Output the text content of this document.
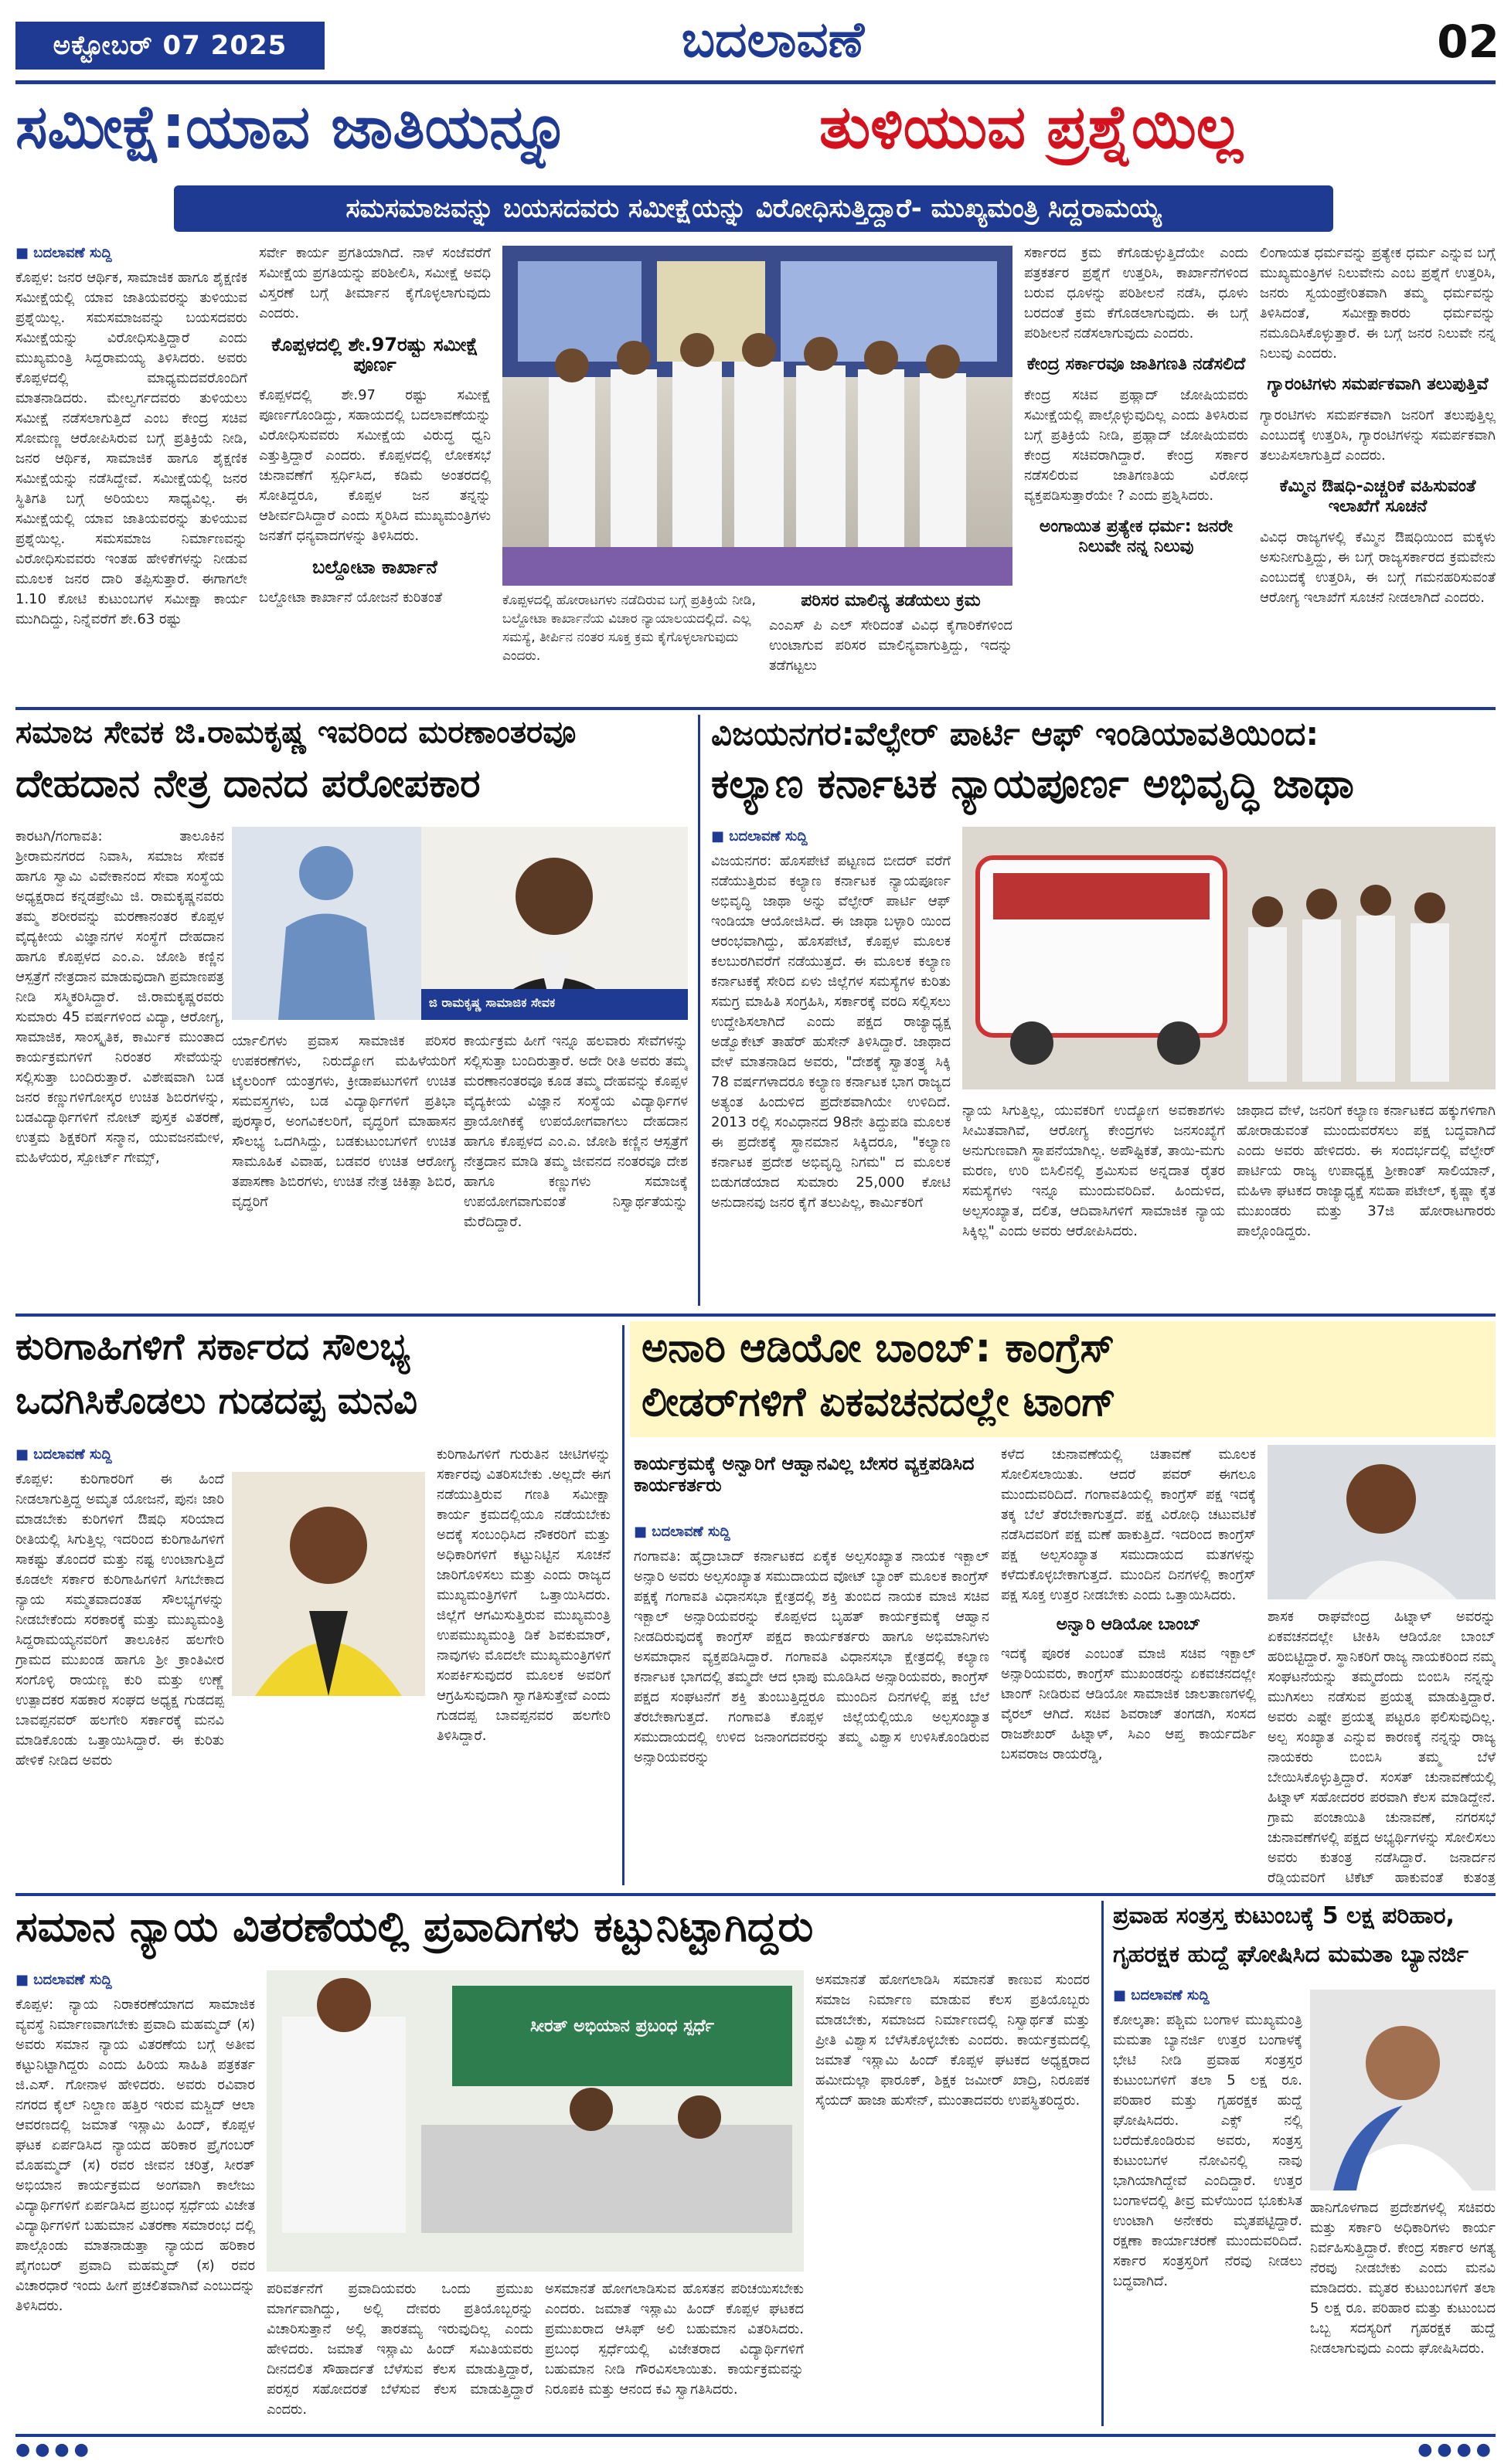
ಅಕ್ಟೋಬರ್ 07 2025	ಬದಲಾವಣೆ	02
ಸಮೀಕ್ಷೆ:ಯಾವ ಜಾತಿಯನ್ನೂ	ತುಳಿಯುವ ಪ್ರಶ್ನೆಯಿಲ್ಲ
ಸಮಸಮಾಜವನ್ನು ಬಯಸದವರು ಸಮೀಕ್ಷೆಯನ್ನು ವಿರೋಧಿಸುತ್ತಿದ್ದಾರೆ- ಮುಖ್ಯಮಂತ್ರಿ ಸಿದ್ದರಾಮಯ್ಯ
■ ಬದಲಾವಣೆ ಸುದ್ದಿ
ಕೊಪ್ಪಳ: ಜನರ ಆರ್ಥಿಕ, ಸಾಮಾಜಿಕ ಹಾಗೂ ಶೈಕ್ಷಣಿಕ ಸಮೀಕ್ಷೆಯಲ್ಲಿ ಯಾವ ಜಾತಿಯವರನ್ನು ತುಳಿಯುವ ಪ್ರಶ್ನೆಯಿಲ್ಲ. ಸಮಸಮಾಜವನ್ನು ಬಯಸದವರು ಸಮೀಕ್ಷೆಯನ್ನು ವಿರೋಧಿಸುತ್ತಿದ್ದಾರೆ ಎಂದು ಮುಖ್ಯಮಂತ್ರಿ ಸಿದ್ದರಾಮಯ್ಯ ತಿಳಿಸಿದರು. ಅವರು ಕೊಪ್ಪಳದಲ್ಲಿ ಮಾಧ್ಯಮದವರೊಂದಿಗೆ ಮಾತನಾಡಿದರು. ಮೇಲ್ವರ್ಗದವರು ತುಳಿಯಲು ಸಮೀಕ್ಷೆ ನಡೆಸಲಾಗುತ್ತಿದೆ ಎಂಬ ಕೇಂದ್ರ ಸಚಿವ ಸೋಮಣ್ಣ ಆರೋಪಿಸಿರುವ ಬಗ್ಗೆ ಪ್ರತಿಕ್ರಿಯೆ ನೀಡಿ, ಜನರ ಆರ್ಥಿಕ, ಸಾಮಾಜಿಕ ಹಾಗೂ ಶೈಕ್ಷಣಿಕ ಸಮೀಕ್ಷೆಯನ್ನು ನಡೆಸಿದ್ದೇವೆ. ಸಮೀಕ್ಷೆಯಲ್ಲಿ ಜನರ ಸ್ಥಿತಿಗತಿ ಬಗ್ಗೆ ಅರಿಯಲು ಸಾಧ್ಯವಿಲ್ಲ. ಈ ಸಮೀಕ್ಷೆಯಲ್ಲಿ ಯಾವ ಜಾತಿಯವರನ್ನು ತುಳಿಯುವ ಪ್ರಶ್ನೆಯಿಲ್ಲ. ಸಮಸಮಾಜ ನಿರ್ಮಾಣವನ್ನು ವಿರೋಧಿಸುವವರು ಇಂತಹ ಹೇಳಿಕೆಗಳನ್ನು ನೀಡುವ ಮೂಲಕ ಜನರ ದಾರಿ ತಪ್ಪಿಸುತ್ತಾರೆ. ಈಗಾಗಲೇ 1.10 ಕೋಟಿ ಕುಟುಂಬಗಳ ಸಮೀಕ್ಷಾ ಕಾರ್ಯ ಮುಗಿದಿದ್ದು, ನಿನ್ನೆವರೆಗೆ ಶೇ.63 ರಷ್ಟು
ಸರ್ವೇ ಕಾರ್ಯ ಪ್ರಗತಿಯಾಗಿದೆ. ನಾಳೆ ಸಂಜೆವರೆಗೆ ಸಮೀಕ್ಷೆಯ ಪ್ರಗತಿಯನ್ನು ಪರಿಶೀಲಿಸಿ, ಸಮೀಕ್ಷೆ ಅವಧಿ ವಿಸ್ತರಣೆ ಬಗ್ಗೆ ತೀರ್ಮಾನ ಕೈಗೊಳ್ಳಲಾಗುವುದು ಎಂದರು.
ಕೊಪ್ಪಳದಲ್ಲಿ ಶೇ.97ರಷ್ಟು ಸಮೀಕ್ಷೆ ಪೂರ್ಣ
ಕೊಪ್ಪಳದಲ್ಲಿ ಶೇ.97 ರಷ್ಟು ಸಮೀಕ್ಷೆ ಪೂರ್ಣಗೊಂಡಿದ್ದು, ಸಹಾಯದಲ್ಲಿ ಬದಲಾವಣೆಯನ್ನು ವಿರೋಧಿಸುವವರು ಸಮೀಕ್ಷೆಯ ವಿರುದ್ಧ ಧ್ವನಿ ಎತ್ತುತ್ತಿದ್ದಾರೆ ಎಂದರು. ಕೊಪ್ಪಳದಲ್ಲಿ ಲೋಕಸಭೆ ಚುನಾವಣೆಗೆ ಸ್ಪರ್ಧಿಸಿದ, ಕಡಿಮೆ ಅಂತರದಲ್ಲಿ ಸೋತಿದ್ದರೂ, ಕೊಪ್ಪಳ ಜನ ತನ್ನನ್ನು ಆಶೀರ್ವದಿಸಿದ್ದಾರೆ ಎಂದು ಸ್ಮರಿಸಿದ ಮುಖ್ಯಮಂತ್ರಿಗಳು ಜನತೆಗೆ ಧನ್ಯವಾದಗಳನ್ನು ತಿಳಿಸಿದರು.
ಬಲ್ದೋಟಾ ಕಾರ್ಖಾನೆ
ಬಲ್ದೋಟಾ ಕಾರ್ಖಾನೆ ಯೋಜನೆ ಕುರಿತಂತೆ	ಕೊಪ್ಪಳದಲ್ಲಿ ಹೋರಾಟಗಳು ನಡೆದಿರುವ ಬಗ್ಗೆ ಪ್ರತಿಕ್ರಿಯೆ ನೀಡಿ, ಬಲ್ದೋಟಾ ಕಾರ್ಖಾನೆಯ ವಿಚಾರ ನ್ಯಾಯಾಲಯದಲ್ಲಿದೆ. ಎಲ್ಲ ಸಮಸ್ಯೆ, ತೀರ್ಪಿನ ನಂತರ ಸೂಕ್ತ ಕ್ರಮ ಕೈಗೊಳ್ಳಲಾಗುವುದು ಎಂದರು.
ಪರಿಸರ ಮಾಲಿನ್ಯ ತಡೆಯಲು ಕ್ರಮ
ಎಂಎಸ್ ಪಿ ಎಲ್ ಸೇರಿದಂತೆ ವಿವಿಧ ಕೈಗಾರಿಕೆಗಳಿಂದ ಉಂಟಾಗುವ ಪರಿಸರ ಮಾಲಿನ್ಯವಾಗುತ್ತಿದ್ದು, ಇದನ್ನು ತಡೆಗಟ್ಟಲು
ಸರ್ಕಾರದ ಕ್ರಮ ಕೆಗೊಡುಳ್ಳುತ್ತಿದೆಯೇ ಎಂದು ಪತ್ರಕರ್ತರ ಪ್ರಶ್ನೆಗೆ ಉತ್ತರಿಸಿ, ಕಾರ್ಖಾನೆಗಳಿಂದ ಬರುವ ಧೂಳನ್ನು ಪರಿಶೀಲನೆ ನಡೆಸಿ, ಧೂಳು ಬರದಂತೆ ಕ್ರಮ ಕೆಗೊಡಲಾಗುವುದು. ಈ ಬಗ್ಗೆ ಪರಿಶೀಲನೆ ನಡೆಸಲಾಗುವುದು ಎಂದರು.
ಕೇಂದ್ರ ಸರ್ಕಾರವೂ ಜಾತಿಗಣತಿ ನಡೆಸಲಿದೆ
ಕೇಂದ್ರ ಸಚಿವ ಪ್ರಹ್ಲಾದ್ ಜೋಷಿಯವರು ಸಮೀಕ್ಷೆಯಲ್ಲಿ ಪಾಲ್ಗೊಳ್ಳುವುದಿಲ್ಲ ಎಂದು ತಿಳಿಸಿರುವ ಬಗ್ಗೆ ಪ್ರತಿಕ್ರಿಯೆ ನೀಡಿ, ಪ್ರಹ್ಲಾದ್ ಜೋಷಿಯವರು ಕೇಂದ್ರ ಸಚಿವರಾಗಿದ್ದಾರೆ. ಕೇಂದ್ರ ಸರ್ಕಾರ ನಡೆಸಲಿರುವ ಜಾತಿಗಣತಿಯ ವಿರೋಧ ವ್ಯಕ್ತಪಡಿಸುತ್ತಾರೆಯೇ ? ಎಂದು ಪ್ರಶ್ನಿಸಿದರು.
ಅಂಗಾಯಿತ ಪ್ರತ್ಯೇಕ ಧರ್ಮ: ಜನರೇ ನಿಲುವೇ ನನ್ನ ನಿಲುವು
ಲಿಂಗಾಯತ ಧರ್ಮವನ್ನು ಪ್ರತ್ಯೇಕ ಧರ್ಮ ಎನ್ನುವ ಬಗ್ಗೆ ಮುಖ್ಯಮಂತ್ರಿಗಳ ನಿಲುವೇನು ಎಂಬ ಪ್ರಶ್ನೆಗೆ ಉತ್ತರಿಸಿ, ಜನರು ಸ್ವಯಂಪ್ರೇರಿತವಾಗಿ ತಮ್ಮ ಧರ್ಮವನ್ನು ತಿಳಿಸಿದಂತೆ, ಸಮೀಕ್ಷಾಕಾರರು ಧರ್ಮವನ್ನು ನಮೂದಿಸಿಕೊಳ್ಳುತ್ತಾರೆ. ಈ ಬಗ್ಗೆ ಜನರ ನಿಲುವೇ ನನ್ನ ನಿಲುವು ಎಂದರು.
ಗ್ಯಾರಂಟಿಗಳು ಸಮರ್ಪಕವಾಗಿ ತಲುಪುತ್ತಿವೆ
ಗ್ಯಾರಂಟಿಗಳು ಸಮರ್ಪಕವಾಗಿ ಜನರಿಗೆ ತಲುಪುತ್ತಿಲ್ಲ ಎಂಬುದಕ್ಕೆ ಉತ್ತರಿಸಿ, ಗ್ಯಾರಂಟಿಗಳನ್ನು ಸಮರ್ಪಕವಾಗಿ ತಲುಪಿಸಲಾಗುತ್ತಿದೆ ಎಂದರು.
ಕೆಮ್ಮಿನ ಔಷಧಿ-ಎಚ್ಚರಿಕೆ ವಹಿಸುವಂತೆ ಇಲಾಖೆಗೆ ಸೂಚನೆ
ವಿವಿಧ ರಾಜ್ಯಗಳಲ್ಲಿ ಕೆಮ್ಮಿನ ಔಷಧಿಯಿಂದ ಮಕ್ಕಳು ಅಸುನೀಗುತ್ತಿದ್ದು, ಈ ಬಗ್ಗೆ ರಾಜ್ಯಸರ್ಕಾರದ ಕ್ರಮವೇನು ಎಂಬುದಕ್ಕೆ ಉತ್ತರಿಸಿ, ಈ ಬಗ್ಗೆ ಗಮನಹರಿಸುವಂತೆ ಆರೋಗ್ಯ ಇಲಾಖೆಗೆ ಸೂಚನೆ ನೀಡಲಾಗಿದೆ ಎಂದರು.
ಸಮಾಜ ಸೇವಕ ಜಿ.ರಾಮಕೃಷ್ಣ ಇವರಿಂದ ಮರಣಾಂತರವೂ
ದೇಹದಾನ ನೇತ್ರ ದಾನದ ಪರೋಪಕಾರ
ಕಾರಟಗಿ/ಗಂಗಾವತಿ: ತಾಲೂಕಿನ ಶ್ರೀರಾಮನಗರದ ನಿವಾಸಿ, ಸಮಾಜ ಸೇವಕ ಹಾಗೂ ಸ್ವಾಮಿ ವಿವೇಕಾನಂದ ಸೇವಾ ಸಂಸ್ಥೆಯ ಅಧ್ಯಕ್ಷರಾದ ಕನ್ನಡಪ್ರೇಮಿ ಜಿ. ರಾಮಕೃಷ್ಣನವರು ತಮ್ಮ ಶರೀರವನ್ನು ಮರಣಾನಂತರ ಕೊಪ್ಪಳ ವೈದ್ಯಕೀಯ ವಿಜ್ಞಾನಗಳ ಸಂಸ್ಥೆಗೆ ದೇಹದಾನ ಹಾಗೂ ಕೊಪ್ಪಳದ ಎಂ.ಎ. ಜೋಶಿ ಕಣ್ಣಿನ ಆಸ್ಪತ್ರೆಗೆ ನೇತ್ರದಾನ ಮಾಡುವುದಾಗಿ ಪ್ರಮಾಣಪತ್ರ ನೀಡಿ ಸಸ್ಮಿಕರಿಸಿದ್ದಾರೆ. ಜಿ.ರಾಮಕೃಷ್ಣರವರು ಸುಮಾರು 45 ವರ್ಷಗಳಿಂದ ವಿದ್ಯಾ, ಆರೋಗ್ಯ, ಸಾಮಾಜಿಕ, ಸಾಂಸ್ಕೃತಿಕ, ಕಾರ್ಮಿಕ ಮುಂತಾದ ಕಾರ್ಯಕ್ರಮಗಳಿಗೆ ನಿರಂತರ ಸೇವೆಯನ್ನು ಸಲ್ಲಿಸುತ್ತಾ ಬಂದಿರುತ್ತಾರೆ. ವಿಶೇಷವಾಗಿ ಬಡ ಜನರ ಕಣ್ಣುಗಳಿಗೋಸ್ಕರ ಉಚಿತ ಶಿಬಿರಗಳನ್ನು, ಬಡವಿದ್ಯಾರ್ಥಿಗಳಿಗೆ ನೋಟ್ ಪುಸ್ತಕ ವಿತರಣೆ, ಉತ್ತಮ ಶಿಕ್ಷಕರಿಗೆ ಸನ್ಮಾನ, ಯುವಜನಮೇಳ, ಮಹಿಳೆಯರ, ಸ್ಪೋರ್ಟ್ ಗೇಮ್ಸ್,
ಜಿ ರಾಮಕೃಷ್ಣ ಸಾಮಾಜಿಕ ಸೇವಕ
ರ್ಯಾಲಿಗಳು ಪ್ರವಾಸ ಸಾಮಾಜಿಕ ಪರಿಸರ ಉಪಕರಣೆಗಳು, ನಿರುದ್ಯೋಗ ಮಹಿಳೆಯರಿಗೆ ಟೈಲರಿಂಗ್ ಯಂತ್ರಗಳು, ಕ್ರೀಡಾಪಟುಗಳಿಗೆ ಉಚಿತ ಸಮವಸ್ತ್ರಗಳು, ಬಡ ವಿದ್ಯಾರ್ಥಿಗಳಿಗೆ ಪ್ರತಿಭಾ ಪುರಸ್ಕಾರ, ಅಂಗವಿಕಲರಿಗೆ, ವೃದ್ಧರಿಗೆ ಮಾಹಾಸನ ಸೌಲಭ್ಯ ಒದಗಿಸಿದ್ದು, ಬಡಕುಟುಂಬಗಳಿಗೆ ಉಚಿತ ಸಾಮೂಹಿಕ ವಿವಾಹ, ಬಡವರ ಉಚಿತ ಆರೋಗ್ಯ ತಪಾಸಣಾ ಶಿಬಿರಗಳು, ಉಚಿತ ನೇತ್ರ ಚಿಕಿತ್ಸಾ ಶಿಬಿರ, ವೃದ್ಧರಿಗೆ
ಕಾರ್ಯಕ್ರಮ ಹೀಗೆ ಇನ್ನೂ ಹಲವಾರು ಸೇವೆಗಳನ್ನು ಸಲ್ಲಿಸುತ್ತಾ ಬಂದಿರುತ್ತಾರೆ. ಅದೇ ರೀತಿ ಅವರು ತಮ್ಮ ಮರಣಾನಂತರವೂ ಕೂಡ ತಮ್ಮ ದೇಹವನ್ನು ಕೊಪ್ಪಳ ವೈದ್ಯಕೀಯ ವಿಜ್ಞಾನ ಸಂಸ್ಥೆಯ ವಿದ್ಯಾರ್ಥಿಗಳ ಪ್ರಾಯೋಗಿಕಕ್ಕೆ ಉಪಯೋಗವಾಗಲು ದೇಹದಾನ ಹಾಗೂ ಕೊಪ್ಪಳದ ಎಂ.ಎ. ಜೋಶಿ ಕಣ್ಣಿನ ಆಸ್ಪತ್ರೆಗೆ ನೇತ್ರದಾನ ಮಾಡಿ ತಮ್ಮ ಜೀವನದ ನಂತರವೂ ದೇಶ ಹಾಗೂ ಕಣ್ಣುಗಳು ಸಮಾಜಕ್ಕೆ ಉಪಯೋಗವಾಗುವಂತೆ ನಿಸ್ವಾರ್ಥತೆಯನ್ನು ಮೆರೆದಿದ್ದಾರೆ.
ವಿಜಯನಗರ:ವೆಲ್ಫೇರ್ ಪಾರ್ಟಿ ಆಫ್ ಇಂಡಿಯಾವತಿಯಿಂದ:
ಕಲ್ಯಾಣ ಕರ್ನಾಟಕ ನ್ಯಾಯಪೂರ್ಣ ಅಭಿವೃದ್ಧಿ ಜಾಥಾ
■ ಬದಲಾವಣೆ ಸುದ್ದಿ
ವಿಜಯನಗರ: ಹೊಸಪೇಟೆ ಪಟ್ಟಣದ ಬೀದರ್ ವರೆಗೆ ನಡೆಯುತ್ತಿರುವ ಕಲ್ಯಾಣ ಕರ್ನಾಟಕ ನ್ಯಾಯಪೂರ್ಣ ಅಭಿವೃದ್ಧಿ ಜಾಥಾ ಅನ್ನು ವೆಲ್ಫೇರ್ ಪಾರ್ಟಿ ಆಫ್ ಇಂಡಿಯಾ ಆಯೋಜಿಸಿದೆ. ಈ ಜಾಥಾ ಬಳ್ಳಾರಿ ಯಿಂದ ಆರಂಭವಾಗಿದ್ದು, ಹೊಸಪೇಟೆ, ಕೊಪ್ಪಳ ಮೂಲಕ ಕಲಬುರಗಿವರೆಗೆ ನಡೆಯುತ್ತದೆ. ಈ ಮೂಲಕ ಕಲ್ಯಾಣ ಕರ್ನಾಟಕಕ್ಕೆ ಸೇರಿದ ಏಳು ಜಿಲ್ಲೆಗಳ ಸಮಸ್ಯೆಗಳ ಕುರಿತು ಸಮಗ್ರ ಮಾಹಿತಿ ಸಂಗ್ರಹಿಸಿ, ಸರ್ಕಾರಕ್ಕೆ ವರದಿ ಸಲ್ಲಿಸಲು ಉದ್ದೇಶಿಸಲಾಗಿದೆ ಎಂದು ಪಕ್ಷದ ರಾಜ್ಯಾಧ್ಯಕ್ಷ ಅಡ್ವೊಕೇಟ್ ತಾಹೆರ್ ಹುಸೇನ್ ತಿಳಿಸಿದ್ದಾರೆ. ಜಾಥಾದ ವೇಳೆ ಮಾತನಾಡಿದ ಅವರು, "ದೇಶಕ್ಕೆ ಸ್ವಾತಂತ್ರ್ಯ ಸಿಕ್ಕಿ 78 ವರ್ಷಗಳಾದರೂ ಕಲ್ಯಾಣ ಕರ್ನಾಟಕ ಭಾಗ ರಾಜ್ಯದ ಅತ್ಯಂತ ಹಿಂದುಳಿದ ಪ್ರದೇಶವಾಗಿಯೇ ಉಳಿದಿದೆ. 2013 ರಲ್ಲಿ ಸಂವಿಧಾನದ 98ನೇ ತಿದ್ದುಪಡಿ ಮೂಲಕ ಈ ಪ್ರದೇಶಕ್ಕೆ ಸ್ಥಾನಮಾನ ಸಿಕ್ಕಿದರೂ, "ಕಲ್ಯಾಣ ಕರ್ನಾಟಕ ಪ್ರದೇಶ ಅಭಿವೃದ್ಧಿ ನಿಗಮ" ದ ಮೂಲಕ ಬಿಡುಗಡೆಯಾದ ಸುಮಾರು 25,000 ಕೋಟಿ ಅನುದಾನವು ಜನರ ಕೈಗೆ ತಲುಪಿಲ್ಲ, ಕಾರ್ಮಿಕರಿಗೆ
ನ್ಯಾಯ ಸಿಗುತ್ತಿಲ್ಲ, ಯುವಕರಿಗೆ ಉದ್ಯೋಗ ಅವಕಾಶಗಳು ಸೀಮಿತವಾಗಿವೆ, ಆರೋಗ್ಯ ಕೇಂದ್ರಗಳು ಜನಸಂಖ್ಯೆಗೆ ಅನುಗುಣವಾಗಿ ಸ್ಥಾಪನೆಯಾಗಿಲ್ಲ. ಅಪೌಷ್ಟಿಕತೆ, ತಾಯಿ-ಮಗು ಮರಣ, ಉರಿ ಬಿಸಿಲಿನಲ್ಲಿ ಶ್ರಮಿಸುವ ಅನ್ನದಾತ ರೈತರ ಸಮಸ್ಯೆಗಳು ಇನ್ನೂ ಮುಂದುವರಿದಿವೆ. ಹಿಂದುಳಿದ, ಅಲ್ಪಸಂಖ್ಯಾತ, ದಲಿತ, ಆದಿವಾಸಿಗಳಿಗೆ ಸಾಮಾಜಿಕ ನ್ಯಾಯ ಸಿಕ್ಕಿಲ್ಲ" ಎಂದು ಅವರು ಆರೋಪಿಸಿದರು.
ಜಾಥಾದ ವೇಳೆ, ಜನರಿಗೆ ಕಲ್ಯಾಣ ಕರ್ನಾಟಕದ ಹಕ್ಕುಗಳಿಗಾಗಿ ಹೋರಾಡುವಂತೆ ಮುಂದುವರೆಸಲು ಪಕ್ಷ ಬದ್ಧವಾಗಿದೆ ಎಂದು ಅವರು ಹೇಳಿದರು. ಈ ಸಂದರ್ಭದಲ್ಲಿ ವೆಲ್ಫೇರ್ ಪಾರ್ಟಿಯ ರಾಜ್ಯ ಉಪಾಧ್ಯಕ್ಷ ಶ್ರೀಕಾಂತ್ ಸಾಲಿಯಾನ್, ಮಹಿಳಾ ಘಟಕದ ರಾಜ್ಯಾಧ್ಯಕ್ಷೆ ಸಬಿಹಾ ಪಟೇಲ್, ಕೃಷ್ಣಾ ಕೈತ ಮುಖಂಡರು ಮತ್ತು 37ಜಿ ಹೋರಾಟಗಾರರು ಪಾಲ್ಗೊಂಡಿದ್ದರು.
ಕುರಿಗಾಹಿಗಳಿಗೆ ಸರ್ಕಾರದ ಸೌಲಭ್ಯ
ಒದಗಿಸಿಕೊಡಲು ಗುಡದಪ್ಪ ಮನವಿ
■ ಬದಲಾವಣೆ ಸುದ್ದಿ
ಕೊಪ್ಪಳ: ಕುರಿಗಾರರಿಗೆ ಈ ಹಿಂದೆ ನೀಡಲಾಗುತ್ತಿದ್ದ ಅಮೃತ ಯೋಜನೆ, ಪುನಃ ಜಾರಿ ಮಾಡಬೇಕು ಕುರಿಗಳಿಗೆ ಔಷಧಿ ಸರಿಯಾದ ರೀತಿಯಲ್ಲಿ ಸಿಗುತ್ತಿಲ್ಲ ಇದರಿಂದ ಕುರಿಗಾಹಿಗಳಿಗೆ ಸಾಕಷ್ಟು ತೊಂದರೆ ಮತ್ತು ನಷ್ಟ ಉಂಟಾಗುತ್ತಿದೆ ಕೂಡಲೇ ಸರ್ಕಾರ ಕುರಿಗಾಹಿಗಳಿಗೆ ಸಿಗಬೇಕಾದ ನ್ಯಾಯ ಸಮ್ಮತವಾದಂತಹ ಸೌಲಭ್ಯಗಳನ್ನು ನೀಡಬೇಕೆಂದು ಸರಕಾರಕ್ಕೆ ಮತ್ತು ಮುಖ್ಯಮಂತ್ರಿ ಸಿದ್ದರಾಮಯ್ಯನವರಿಗೆ ತಾಲೂಕಿನ ಹಲಗೇರಿ ಗ್ರಾಮದ ಮುಖಂಡ ಹಾಗೂ ಶ್ರೀ ಕ್ರಾಂತಿವೀರ ಸಂಗೊಳ್ಳಿ ರಾಯಣ್ಣ ಕುರಿ ಮತ್ತು ಉಣ್ಣೆ ಉತ್ಪಾದಕರ ಸಹಕಾರ ಸಂಘದ ಅಧ್ಯಕ್ಷ ಗುಡದಪ್ಪ ಬಾವಪ್ಪನವರ್ ಹಲಗೇರಿ ಸರ್ಕಾರಕ್ಕೆ ಮನವಿ ಮಾಡಿಕೊಂಡು ಒತ್ತಾಯಿಸಿದ್ದಾರೆ. ಈ ಕುರಿತು ಹೇಳಿಕೆ ನೀಡಿದ ಅವರು
ಕುರಿಗಾಹಿಗಳಿಗೆ ಗುರುತಿನ ಚೀಟಿಗಳನ್ನು ಸರ್ಕಾರವು ವಿತರಿಸಬೇಕು .ಅಲ್ಲದೇ ಈಗ ನಡೆಯುತ್ತಿರುವ ಗಣತಿ ಸಮೀಕ್ಷಾ ಕಾರ್ಯ ಕ್ರಮದಲ್ಲಿಯೂ ನಡೆಯಬೇಕು ಅದಕ್ಕೆ ಸಂಬಂಧಿಸಿದ ನೌಕರರಿಗೆ ಮತ್ತು ಅಧಿಕಾರಿಗಳಿಗೆ ಕಟ್ಟುನಿಟ್ಟಿನ ಸೂಚನೆ ಜಾರಿಗೊಳಿಸಲು ಮತ್ತು ಎಂದು ರಾಜ್ಯದ ಮುಖ್ಯಮಂತ್ರಿಗಳಿಗೆ ಒತ್ತಾಯಿಸಿದರು. ಜಿಲ್ಲೆಗೆ ಆಗಮಿಸುತ್ತಿರುವ ಮುಖ್ಯಮಂತ್ರಿ ಉಪಮುಖ್ಯಮಂತ್ರಿ ಡಿಕೆ ಶಿವಕುಮಾರ್, ನಾವುಗಳು ಮೊದಲೇ ಮುಖ್ಯಮಂತ್ರಿಗಳಿಗೆ ಸಂಪರ್ಕಿಸುವುದರ ಮೂಲಕ ಅವರಿಗೆ ಆಗ್ರಹಿಸುವುದಾಗಿ ಸ್ವಾಗತಿಸುತ್ತೇವೆ ಎಂದು ಗುಡದಪ್ಪ ಬಾವಪ್ಪನವರ ಹಲಗೇರಿ ತಿಳಿಸಿದ್ದಾರೆ.
ಅನಾರಿ ಆಡಿಯೋ ಬಾಂಬ್: ಕಾಂಗ್ರೆಸ್
ಲೀಡರ್‌ಗಳಿಗೆ ಏಕವಚನದಲ್ಲೇ ಟಾಂಗ್
ಕಾರ್ಯಕ್ರಮಕ್ಕೆ ಅನ್ವಾರಿಗೆ ಆಹ್ವಾನವಿಲ್ಲ ಬೇಸರ ವ್ಯಕ್ತಪಡಿಸಿದ ಕಾರ್ಯಕರ್ತರು
■ ಬದಲಾವಣೆ ಸುದ್ದಿ
ಗಂಗಾವತಿ: ಹೈದ್ರಾಬಾದ್ ಕರ್ನಾಟಕದ ಏಕೈಕ ಅಲ್ಪಸಂಖ್ಯಾತ ನಾಯಕ ಇಕ್ಬಾಲ್ ಅನ್ಸಾರಿ ಅವರು ಅಲ್ಪಸಂಖ್ಯಾತ ಸಮುದಾಯದ ವೋಟ್ ಬ್ಯಾಂಕ್ ಮೂಲಕ ಕಾಂಗ್ರೆಸ್ ಪಕ್ಷಕ್ಕೆ ಗಂಗಾವತಿ ವಿಧಾನಸಭಾ ಕ್ಷೇತ್ರದಲ್ಲಿ ಶಕ್ತಿ ತುಂಬಿದ ನಾಯಕ ಮಾಜಿ ಸಚಿವ ಇಕ್ಬಾಲ್ ಅನ್ಸಾರಿಯವರನ್ನು ಕೊಪ್ಪಳದ ಬೃಹತ್ ಕಾರ್ಯಕ್ರಮಕ್ಕೆ ಆಹ್ವಾನ ನೀಡದಿರುವುದಕ್ಕೆ ಕಾಂಗ್ರೆಸ್ ಪಕ್ಷದ ಕಾರ್ಯಕರ್ತರು ಹಾಗೂ ಅಭಿಮಾನಿಗಳು ಅಸಮಾಧಾನ ವ್ಯಕ್ತಪಡಿಸಿದ್ದಾರೆ. ಗಂಗಾವತಿ ವಿಧಾನಸಭಾ ಕ್ಷೇತ್ರದಲ್ಲಿ ಕಲ್ಯಾಣ ಕರ್ನಾಟಕ ಭಾಗದಲ್ಲಿ ತಮ್ಮದೇ ಆದ ಛಾಪು ಮೂಡಿಸಿದ ಅನ್ಸಾರಿಯವರು, ಕಾಂಗ್ರೆಸ್ ಪಕ್ಷದ ಸಂಘಟನೆಗೆ ಶಕ್ತಿ ತುಂಬುತ್ತಿದ್ದರೂ ಮುಂದಿನ ದಿನಗಳಲ್ಲಿ ಪಕ್ಷ ಬೆಲೆ ತೆರಬೇಕಾಗುತ್ತದೆ. ಗಂಗಾವತಿ ಕೊಪ್ಪಳ ಜಿಲ್ಲೆಯಲ್ಲಿಯೂ ಅಲ್ಪಸಂಖ್ಯಾತ ಸಮುದಾಯದಲ್ಲಿ ಉಳಿದ ಜನಾಂಗದವರನ್ನು ತಮ್ಮ ವಿಶ್ವಾಸ ಉಳಿಸಿಕೊಂಡಿರುವ ಅನ್ಸಾರಿಯವರನ್ನು
ಕಳೆದ ಚುನಾವಣೆಯಲ್ಲಿ ಚಿತಾವಣೆ ಮೂಲಕ ಸೋಲಿಸಲಾಯಿತು. ಆದರೆ ಪವರ್ ಈಗಲೂ ಮುಂದುವರಿದಿದೆ. ಗಂಗಾವತಿಯಲ್ಲಿ ಕಾಂಗ್ರೆಸ್ ಪಕ್ಷ ಇದಕ್ಕೆ ತಕ್ಕ ಬೆಲೆ ತೆರಬೇಕಾಗುತ್ತದೆ. ಪಕ್ಷ ವಿರೋಧಿ ಚಟುವಟಿಕೆ ನಡೆಸಿದವರಿಗೆ ಪಕ್ಷ ಮಣೆ ಹಾಕುತ್ತಿದೆ. ಇದರಿಂದ ಕಾಂಗ್ರೆಸ್ ಪಕ್ಷ ಅಲ್ಪಸಂಖ್ಯಾತ ಸಮುದಾಯದ ಮತಗಳನ್ನು ಕಳೆದುಕೊಳ್ಳಬೇಕಾಗುತ್ತದೆ. ಮುಂದಿನ ದಿನಗಳಲ್ಲಿ ಕಾಂಗ್ರೆಸ್ ಪಕ್ಷ ಸೂಕ್ತ ಉತ್ತರ ನೀಡಬೇಕು ಎಂದು ಒತ್ತಾಯಿಸಿದರು.
ಅನ್ವಾರಿ ಆಡಿಯೋ ಬಾಂಬ್
ಇದಕ್ಕೆ ಪೂರಕ ಎಂಬಂತೆ ಮಾಜಿ ಸಚಿವ ಇಕ್ಬಾಲ್ ಅನ್ಸಾರಿಯವರು, ಕಾಂಗ್ರೆಸ್ ಮುಖಂಡರನ್ನು ಏಕವಚನದಲ್ಲೇ ಟಾಂಗ್ ನೀಡಿರುವ ಆಡಿಯೋ ಸಾಮಾಜಿಕ ಜಾಲತಾಣಗಳಲ್ಲಿ ವೈರಲ್ ಆಗಿದೆ. ಸಚಿವ ಶಿವರಾಜ್ ತಂಗಡಗಿ, ಸಂಸದ ರಾಜಶೇಖರ್ ಹಿಟ್ನಾಳ್, ಸಿಎಂ ಆಪ್ತ ಕಾರ್ಯದರ್ಶಿ ಬಸವರಾಜ ರಾಯರೆಡ್ಡಿ,
ಶಾಸಕ ರಾಘವೇಂದ್ರ ಹಿಟ್ನಾಳ್ ಅವರನ್ನು ಏಕವಚನದಲ್ಲೇ ಟೀಕಿಸಿ ಆಡಿಯೋ ಬಾಂಬ್ ಹರಿಬಿಟ್ಟಿದ್ದಾರೆ. ಸ್ಥಾನಿಕರಿಗೆ ರಾಜ್ಯ ನಾಯಕರಿಂದ ನಮ್ಮ ಸಂಘಟನೆಯನ್ನು ತಮ್ಮದೆಂದು ಬಿಂಬಿಸಿ ನನ್ನನ್ನು ಮುಗಿಸಲು ನಡೆಸುವ ಪ್ರಯತ್ನ ಮಾಡುತ್ತಿದ್ದಾರೆ. ಅವರು ಎಷ್ಟೇ ಪ್ರಯತ್ನ ಪಟ್ಟರೂ ಫಲಿಸುವುದಿಲ್ಲ. ಅಲ್ಪ ಸಂಖ್ಯಾತ ಎನ್ನುವ ಕಾರಣಕ್ಕೆ ನನ್ನನ್ನು ರಾಜ್ಯ ನಾಯಕರು ಬಿಂಬಿಸಿ ತಮ್ಮ ಬೆಳೆ ಬೇಯಿಸಿಕೊಳ್ಳುತ್ತಿದ್ದಾರೆ. ಸಂಸತ್ ಚುನಾವಣೆಯಲ್ಲಿ ಹಿಟ್ನಾಳ್ ಸಹೋದರರ ಪರವಾಗಿ ಕೆಲಸ ಮಾಡಿದ್ದೇನೆ. ಗ್ರಾಮ ಪಂಚಾಯಿತಿ ಚುನಾವಣೆ, ನಗರಸಭೆ ಚುನಾವಣೆಗಳಲ್ಲಿ ಪಕ್ಷದ ಅಭ್ಯರ್ಥಿಗಳನ್ನು ಸೋಲಿಸಲು ಅವರು ಕುತಂತ್ರ ನಡೆಸಿದ್ದಾರೆ. ಜನಾರ್ದನ ರೆಡ್ಡಿಯವರಿಗೆ ಟಿಕೆಟ್ ಹಾಕುವಂತೆ ಕುತಂತ್ರ
ಸಮಾನ ನ್ಯಾಯ ವಿತರಣೆಯಲ್ಲಿ ಪ್ರವಾದಿಗಳು ಕಟ್ಟುನಿಟ್ಟಾಗಿದ್ದರು
■ ಬದಲಾವಣೆ ಸುದ್ದಿ
ಕೊಪ್ಪಳ: ನ್ಯಾಯ ನಿರಾಕರಣೆಯಾಗದ ಸಾಮಾಜಿಕ ವ್ಯವಸ್ಥೆ ನಿರ್ಮಾಣವಾಗಬೇಕು ಪ್ರವಾದಿ ಮಹಮ್ಮದ್ (ಸ) ಅವರು ಸಮಾನ ನ್ಯಾಯ ವಿತರಣೆಯ ಬಗ್ಗೆ ಅತೀವ ಕಟ್ಟುನಿಟ್ಟಾಗಿದ್ದರು ಎಂದು ಹಿರಿಯ ಸಾಹಿತಿ ಪತ್ರಕರ್ತ ಜಿ.ಎಸ್. ಗೋನಾಳ ಹೇಳಿದರು. ಅವರು ರವಿವಾರ ನಗರದ ಕೈಲ್ ನಿಲ್ದಾಣ ಹತ್ತಿರ ಇರುವ ಮಸ್ಜಿದ್ ಆಲಾ ಆವರಣದಲ್ಲಿ ಜಮಾತೆ ಇಸ್ಲಾಮಿ ಹಿಂದ್, ಕೊಪ್ಪಳ ಘಟಕ ಏರ್ಪಡಿಸಿದ ನ್ಯಾಯದ ಹರಿಕಾರ ಪ್ರೈಗಂಬರ್ ಮೊಹಮ್ಮದ್ (ಸ) ರವರ ಜೀವನ ಚರಿತ್ರೆ, ಸೀರತ್ ಅಭಿಯಾನ ಕಾರ್ಯಕ್ರಮದ ಅಂಗವಾಗಿ ಕಾಲೇಜು ವಿದ್ಯಾರ್ಥಿಗಳಿಗೆ ಏರ್ಪಡಿಸಿದ ಪ್ರಬಂಧ ಸ್ಪರ್ಧೆಯ ವಿಜೇತ ವಿದ್ಯಾರ್ಥಿಗಳಿಗೆ ಬಹುಮಾನ ವಿತರಣಾ ಸಮಾರಂಭ ದಲ್ಲಿ ಪಾಲ್ಗೊಂಡು ಮಾತನಾಡುತ್ತಾ ನ್ಯಾಯದ ಹರಿಕಾರ ಪೈಗಂಬರ್ ಪ್ರವಾದಿ ಮಹಮ್ಮದ್ (ಸ) ರವರ ವಿಚಾರಧಾರೆ ಇಂದು ಹೀಗೆ ಪ್ರಚಲಿತವಾಗಿವೆ ಎಂಬುದನ್ನು ತಿಳಿಸಿದರು.
ಸೀರತ್ ಅಭಿಯಾನ ಪ್ರಬಂಧ ಸ್ಪರ್ಧೆ
ಪರಿವರ್ತನೆಗೆ ಪ್ರವಾದಿಯವರು ಒಂದು ಪ್ರಮುಖ ಮಾರ್ಗವಾಗಿದ್ದು, ಅಲ್ಲಿ ದೇವರು ಪ್ರತಿಯೊಬ್ಬರನ್ನು ವಿಚಾರಿಸುತ್ತಾನೆ ಅಲ್ಲಿ ತಾರತಮ್ಯ ಇರುವುದಿಲ್ಲ ಎಂದು ಹೇಳಿದರು. ಜಮಾತೆ ಇಸ್ಲಾಮಿ ಹಿಂದ್ ಸಮಿತಿಯವರು ದೀನದಲಿತ ಸೌಹಾರ್ದತೆ ಬೆಳೆಸುವ ಕೆಲಸ ಮಾಡುತ್ತಿದ್ದಾರೆ, ಪರಸ್ಪರ ಸಹೋದರತೆ ಬೆಳೆಸುವ ಕೆಲಸ ಮಾಡುತ್ತಿದ್ದಾರೆ ಎಂದರು.
ಅಸಮಾನತೆ ಹೋಗಲಾಡಿಸುವ ಹೊಸತನ ಪರಿಚಯಿಸಬೇಕು ಎಂದರು. ಜಮಾತೆ ಇಸ್ಲಾಮಿ ಹಿಂದ್ ಕೊಪ್ಪಳ ಘಟಕದ ಪ್ರಮುಖರಾದ ಆಸಿಫ್ ಅಲಿ ಬಹುಮಾನ ವಿತರಿಸಿದರು. ಪ್ರಬಂಧ ಸ್ಪರ್ಧೆಯಲ್ಲಿ ವಿಜೇತರಾದ ವಿದ್ಯಾರ್ಥಿಗಳಿಗೆ ಬಹುಮಾನ ನೀಡಿ ಗೌರವಿಸಲಾಯಿತು. ಕಾರ್ಯಕ್ರಮವನ್ನು ನಿರೂಪಕಿ ಮತ್ತು ಆನಂದ ಕವಿ ಸ್ವಾಗತಿಸಿದರು.
ಅಸಮಾನತೆ ಹೋಗಲಾಡಿಸಿ ಸಮಾನತೆ ಕಾಣುವ ಸುಂದರ ಸಮಾಜ ನಿರ್ಮಾಣ ಮಾಡುವ ಕೆಲಸ ಪ್ರತಿಯೊಬ್ಬರು ಮಾಡಬೇಕು, ಸಮಾಜದ ನಿರ್ಮಾಣದಲ್ಲಿ ನಿಸ್ವಾರ್ಥತೆ ಮತ್ತು ಪ್ರೀತಿ ವಿಶ್ವಾಸ ಬೆಳೆಸಿಕೊಳ್ಳಬೇಕು ಎಂದರು. ಕಾರ್ಯಕ್ರಮದಲ್ಲಿ ಜಮಾತೆ ಇಸ್ಲಾಮಿ ಹಿಂದ್ ಕೊಪ್ಪಳ ಘಟಕದ ಅಧ್ಯಕ್ಷರಾದ ಹಮೀದುಲ್ಲಾ ಫಾರೂಕ್, ಶಿಕ್ಷಕ ಜಮೀರ್ ಖಾದ್ರಿ, ನಿರೂಪಕ ಸೈಯದ್ ಹಾಜಾ ಹುಸೇನ್, ಮುಂತಾದವರು ಉಪಸ್ಥಿತರಿದ್ದರು.
ಪ್ರವಾಹ ಸಂತ್ರಸ್ತ ಕುಟುಂಬಕ್ಕೆ 5 ಲಕ್ಷ ಪರಿಹಾರ,
ಗೃಹರಕ್ಷಕ ಹುದ್ದೆ ಘೋಷಿಸಿದ ಮಮತಾ ಬ್ಯಾನರ್ಜಿ
■ ಬದಲಾವಣೆ ಸುದ್ದಿ
ಕೋಲ್ಕತಾ: ಪಶ್ಚಿಮ ಬಂಗಾಳ ಮುಖ್ಯಮಂತ್ರಿ ಮಮತಾ ಬ್ಯಾನರ್ಜಿ ಉತ್ತರ ಬಂಗಾಳಕ್ಕೆ ಭೇಟಿ ನೀಡಿ ಪ್ರವಾಹ ಸಂತ್ರಸ್ತರ ಕುಟುಂಬಗಳಿಗೆ ತಲಾ 5 ಲಕ್ಷ ರೂ. ಪರಿಹಾರ ಮತ್ತು ಗೃಹರಕ್ಷಕ ಹುದ್ದೆ ಘೋಷಿಸಿದರು. ಎಕ್ಸ್ ನಲ್ಲಿ ಬರೆದುಕೊಂಡಿರುವ ಅವರು, ಸಂತ್ರಸ್ತ ಕುಟುಂಬಗಳ ನೋವಿನಲ್ಲಿ ನಾವು ಭಾಗಿಯಾಗಿದ್ದೇವೆ ಎಂದಿದ್ದಾರೆ. ಉತ್ತರ ಬಂಗಾಳದಲ್ಲಿ ತೀವ್ರ ಮಳೆಯಿಂದ ಭೂಕುಸಿತ ಉಂಟಾಗಿ ಅನೇಕರು ಮೃತಪಟ್ಟಿದ್ದಾರೆ. ರಕ್ಷಣಾ ಕಾರ್ಯಾಚರಣೆ ಮುಂದುವರಿದಿದೆ. ಸರ್ಕಾರ ಸಂತ್ರಸ್ತರಿಗೆ ನೆರವು ನೀಡಲು ಬದ್ಧವಾಗಿದೆ.
ಹಾನಿಗೊಳಗಾದ ಪ್ರದೇಶಗಳಲ್ಲಿ ಸಚಿವರು ಮತ್ತು ಸರ್ಕಾರಿ ಅಧಿಕಾರಿಗಳು ಕಾರ್ಯ ನಿರ್ವಹಿಸುತ್ತಿದ್ದಾರೆ. ಕೇಂದ್ರ ಸರ್ಕಾರ ಅಗತ್ಯ ನೆರವು ನೀಡಬೇಕು ಎಂದು ಮನವಿ ಮಾಡಿದರು. ಮೃತರ ಕುಟುಂಬಗಳಿಗೆ ತಲಾ 5 ಲಕ್ಷ ರೂ. ಪರಿಹಾರ ಮತ್ತು ಕುಟುಂಬದ ಒಬ್ಬ ಸದಸ್ಯರಿಗೆ ಗೃಹರಕ್ಷಕ ಹುದ್ದೆ ನೀಡಲಾಗುವುದು ಎಂದು ಘೋಷಿಸಿದರು.
●●●●	●●●●
